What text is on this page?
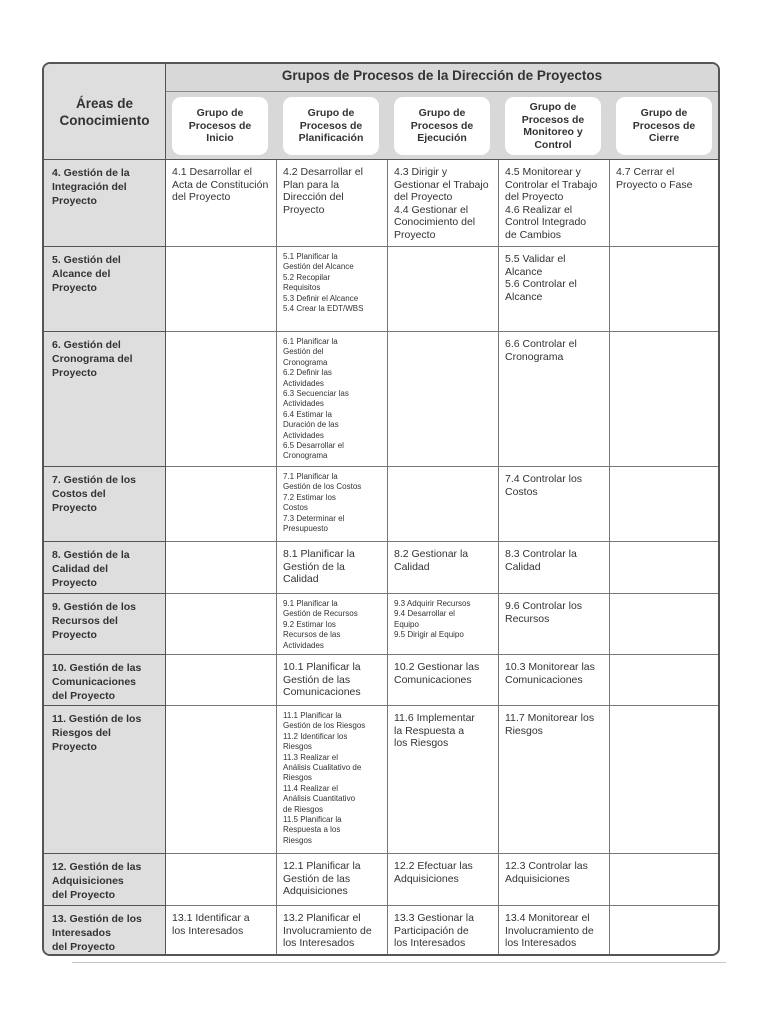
Áreas de
Conocimiento
Grupos de Procesos de la Dirección de Proyectos
Grupo de
Procesos de
Inicio
Grupo de
Procesos de
Planificación
Grupo de
Procesos de
Ejecución
Grupo de
Procesos de
Monitoreo y
Control
Grupo de
Procesos de
Cierre
4. Gestión de la
Integración del
Proyecto
4.1 Desarrollar el
Acta de Constitución
del Proyecto
4.2 Desarrollar el
Plan para la
Dirección del
Proyecto
4.3 Dirigir y
Gestionar el Trabajo
del Proyecto
4.4 Gestionar el
Conocimiento del
Proyecto
4.5 Monitorear y
Controlar el Trabajo
del Proyecto
4.6 Realizar el
Control Integrado
de Cambios
4.7 Cerrar el
Proyecto o Fase
5. Gestión del
Alcance del
Proyecto
5.1 Planificar la
Gestión del Alcance
5.2 Recopilar
Requisitos
5.3 Definir el Alcance
5.4 Crear la EDT/WBS
5.5 Validar el
Alcance
5.6 Controlar el
Alcance
6. Gestión del
Cronograma del
Proyecto
6.1 Planificar la
Gestión del
Cronograma
6.2 Definir las
Actividades
6.3 Secuenciar las
Actividades
6.4 Estimar la
Duración de las
Actividades
6.5 Desarrollar el
Cronograma
6.6 Controlar el
Cronograma
7. Gestión de los
Costos del
Proyecto
7.1 Planificar la
Gestión de los Costos
7.2 Estimar los
Costos
7.3 Determinar el
Presupuesto
7.4 Controlar los
Costos
8. Gestión de la
Calidad del
Proyecto
8.1 Planificar la
Gestión de la
Calidad
8.2 Gestionar la
Calidad
8.3 Controlar la
Calidad
9. Gestión de los
Recursos del
Proyecto
9.1 Planificar la
Gestión de Recursos
9.2 Estimar los
Recursos de las
Actividades
9.3 Adquirir Recursos
9.4 Desarrollar el
Equipo
9.5 Dirigir al Equipo
9.6 Controlar los
Recursos
10. Gestión de las
Comunicaciones
del Proyecto
10.1 Planificar la
Gestión de las
Comunicaciones
10.2 Gestionar las
Comunicaciones
10.3 Monitorear las
Comunicaciones
11. Gestión de los
Riesgos del
Proyecto
11.1 Planificar la
Gestión de los Riesgos
11.2 Identificar los
Riesgos
11.3 Realizar el
Análisis Cualitativo de
Riesgos
11.4 Realizar el
Análisis Cuantitativo
de Riesgos
11.5 Planificar la
Respuesta a los
Riesgos
11.6 Implementar
la Respuesta a
los Riesgos
11.7 Monitorear los
Riesgos
12. Gestión de las
Adquisiciones
del Proyecto
12.1 Planificar la
Gestión de las
Adquisiciones
12.2 Efectuar las
Adquisiciones
12.3 Controlar las
Adquisiciones
13. Gestión de los
Interesados
del Proyecto
13.1 Identificar a
los Interesados
13.2 Planificar el
Involucramiento de
los Interesados
13.3 Gestionar la
Participación de
los Interesados
13.4 Monitorear el
Involucramiento de
los Interesados
